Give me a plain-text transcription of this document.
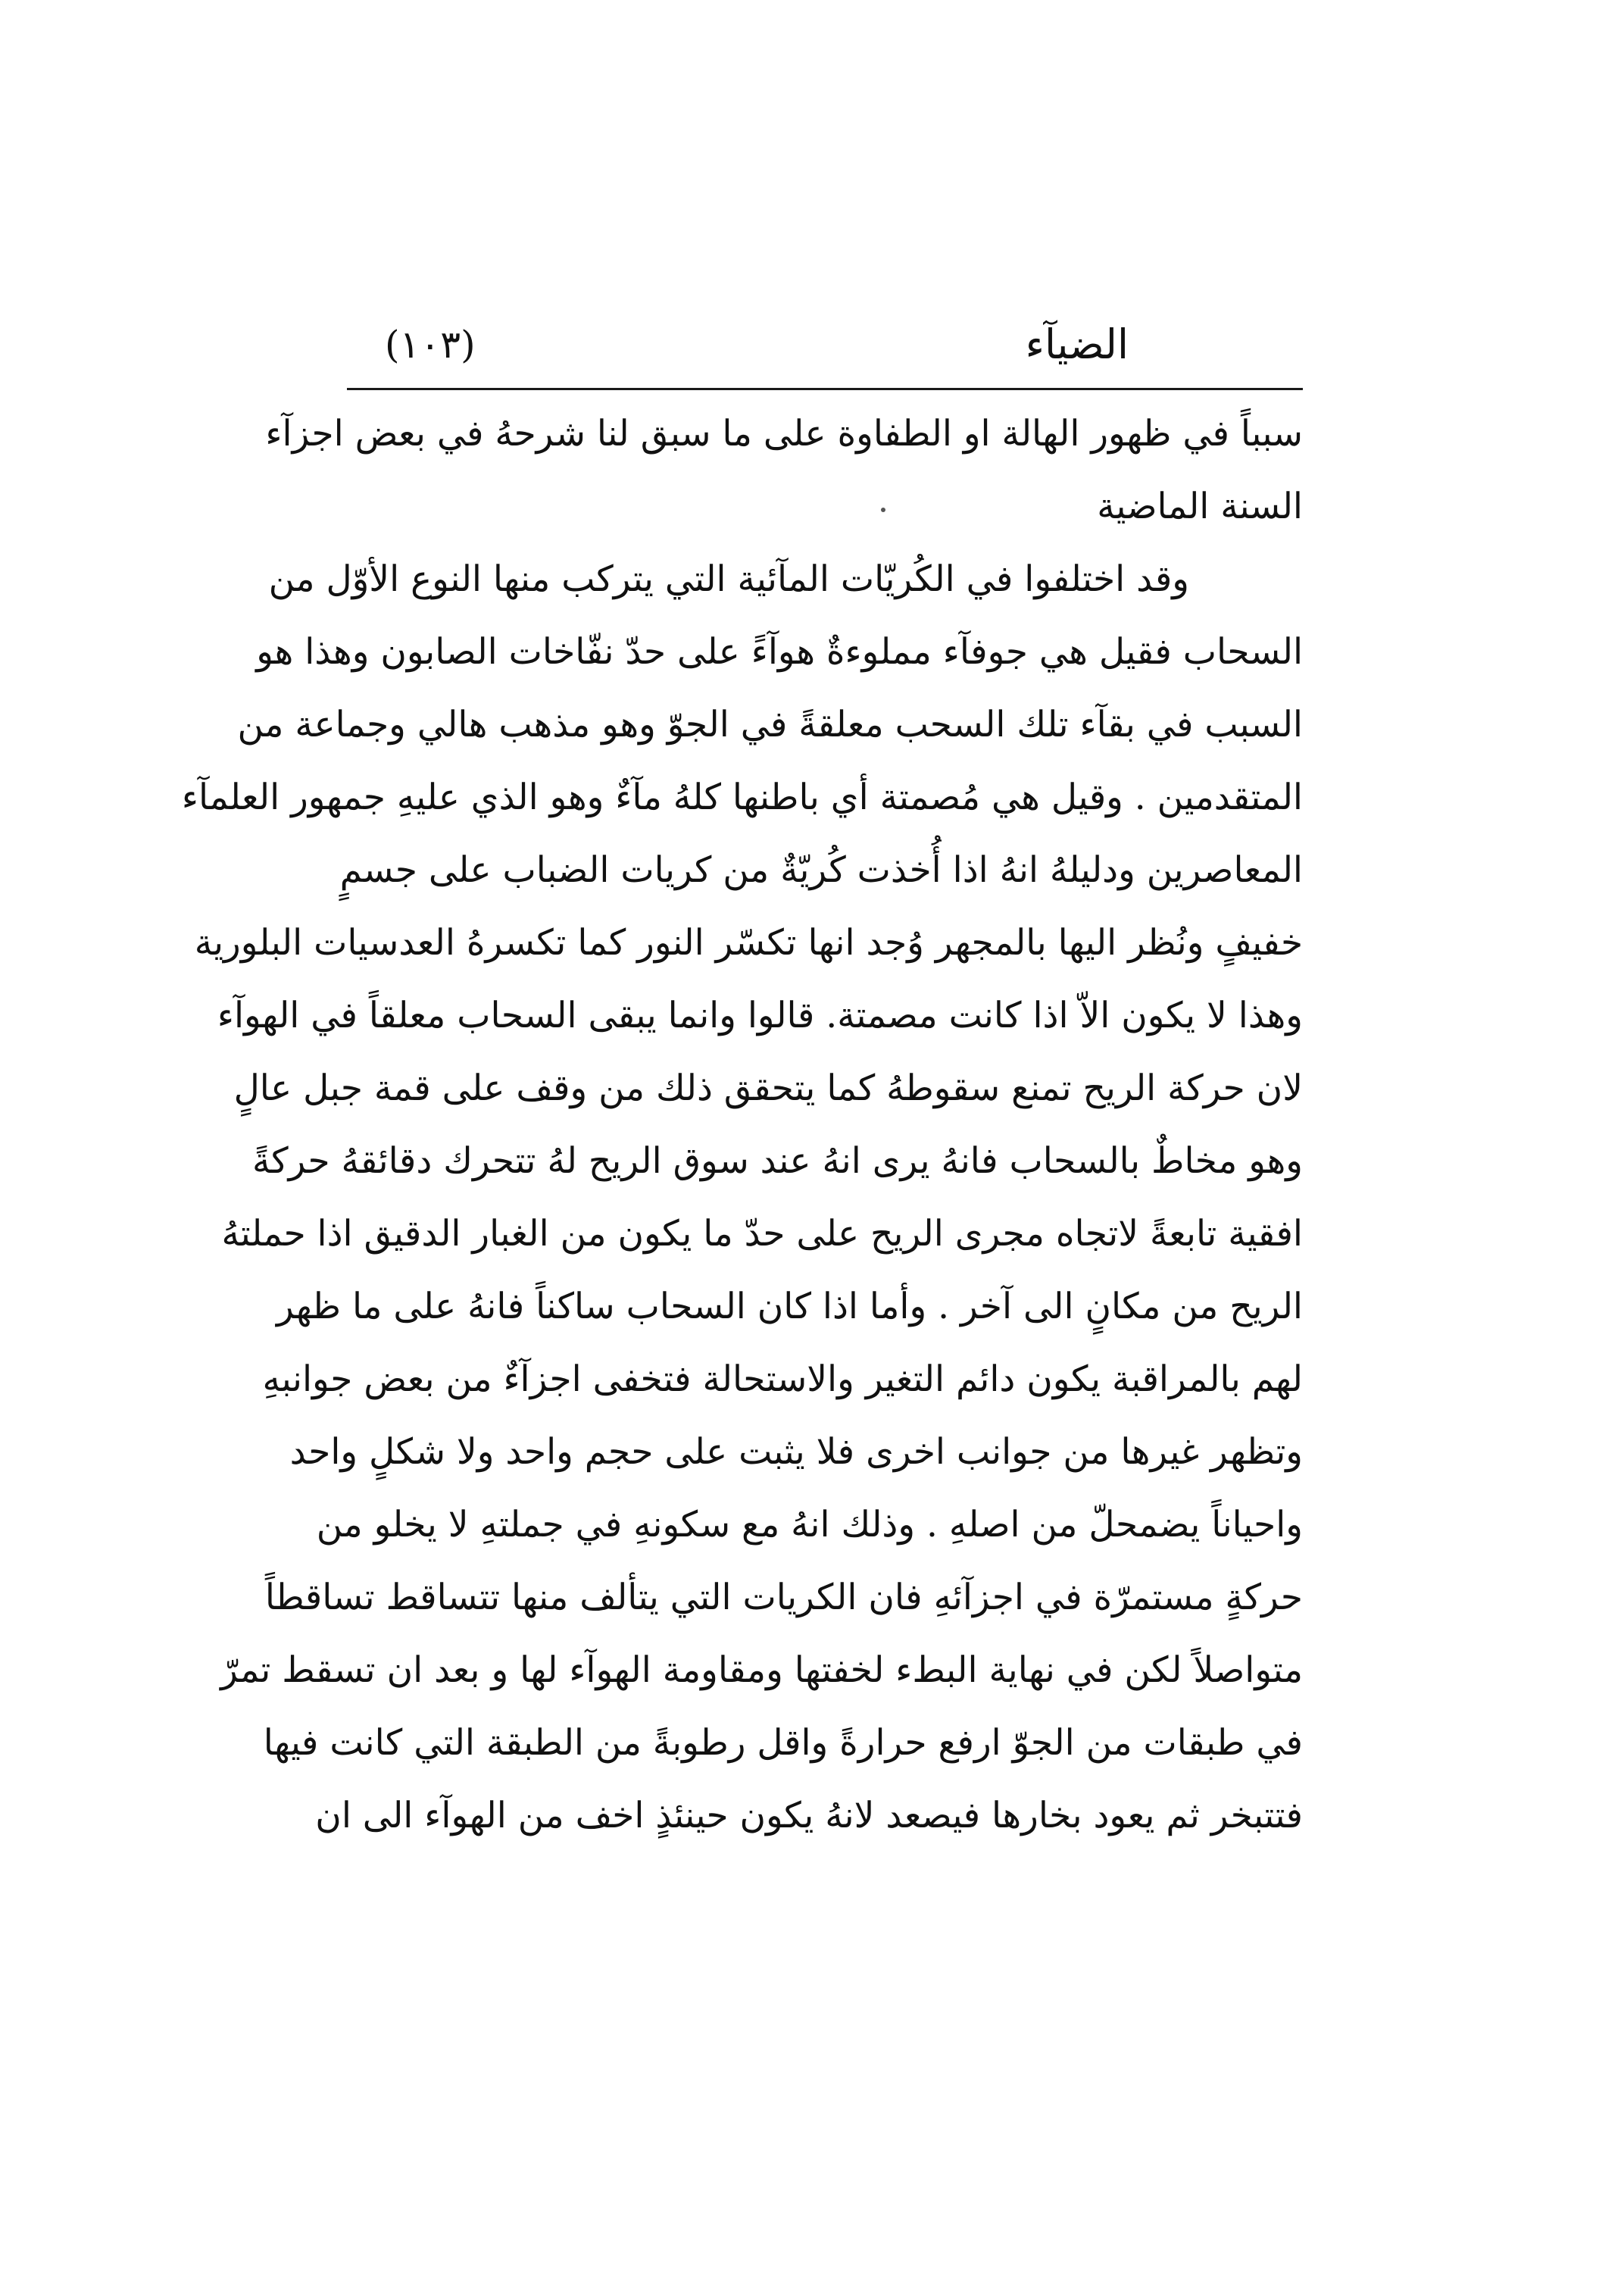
الضيآء
(١٠٣)
سبباً في ظهور الهالة او الطفاوة على ما سبق لنا شرحهُ في بعض اجزآء
السنة الماضية
وقد اختلفوا في الكُريّات المآئية التي يتركب منها النوع الأوّل من
السحاب فقيل هي جوفآء مملوءةٌ هوآءً على حدّ نفّاخات الصابون وهذا هو
السبب في بقآء تلك السحب معلقةً في الجوّ وهو مذهب هالي وجماعة من
المتقدمين . وقيل هي مُصمتة أي باطنها كلهُ مآءٌ وهو الذي عليهِ جمهور العلمآء
المعاصرين ودليلهُ انهُ اذا أُخذت كُريّةٌ من كريات الضباب على جسمٍ
خفيفٍ ونُظر اليها بالمجهر وُجد انها تكسّر النور كما تكسرهُ العدسيات البلورية
وهذا لا يكون الاّ اذا كانت مصمتة. قالوا وانما يبقى السحاب معلقاً في الهوآء
لان حركة الريح تمنع سقوطهُ كما يتحقق ذلك من وقف على قمة جبل عالٍ
وهو مخاطٌ بالسحاب فانهُ يرى انهُ عند سوق الريح لهُ تتحرك دقائقهُ حركةً
افقية تابعةً لاتجاه مجرى الريح على حدّ ما يكون من الغبار الدقيق اذا حملتهُ
الريح من مكانٍ الى آخر . وأما اذا كان السحاب ساكناً فانهُ على ما ظهر
لهم بالمراقبة يكون دائم التغير والاستحالة فتخفى اجزآءٌ من بعض جوانبهِ
وتظهر غيرها من جوانب اخرى فلا يثبت على حجم واحد ولا شكلٍ واحد
واحياناً يضمحلّ من اصلهِ . وذلك انهُ مع سكونهِ في جملتهِ لا يخلو من
حركةٍ مستمرّة في اجزآئهِ فان الكريات التي يتألف منها تتساقط تساقطاً
متواصلاً لكن في نهاية البطء لخفتها ومقاومة الهوآء لها و بعد ان تسقط تمرّ
في طبقات من الجوّ ارفع حرارةً واقل رطوبةً من الطبقة التي كانت فيها
فتتبخر ثم يعود بخارها فيصعد لانهُ يكون حينئذٍ اخف من الهوآء الى ان
